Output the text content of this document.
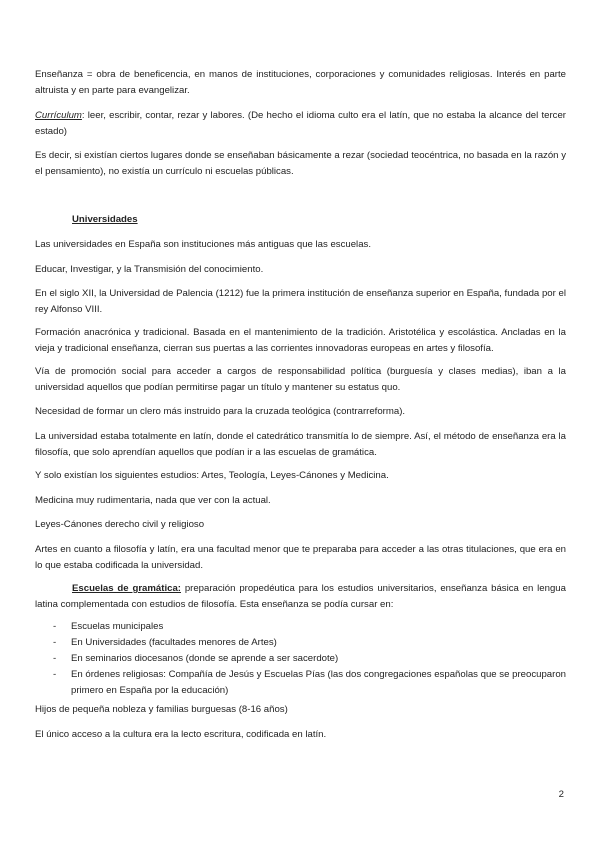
Enseñanza = obra de beneficencia, en manos de instituciones, corporaciones y comunidades religiosas. Interés en parte altruista y en parte para evangelizar.

Currículum: leer, escribir, contar, rezar y labores. (De hecho el idioma culto era el latín, que no estaba la alcance del tercer estado)

Es decir, si existían ciertos lugares donde se enseñaban básicamente a rezar (sociedad teocéntrica, no basada en la razón y el pensamiento), no existía un currículo ni escuelas públicas.

Universidades

Las universidades en España son instituciones más antiguas que las escuelas.

Educar, Investigar, y la Transmisión del conocimiento.

En el siglo XII, la Universidad de Palencia (1212) fue la primera institución de enseñanza superior en España, fundada por el rey Alfonso VIII.

Formación anacrónica y tradicional. Basada en el mantenimiento de la tradición. Aristotélica y escolástica. Ancladas en la vieja y tradicional enseñanza, cierran sus puertas a las corrientes innovadoras europeas en artes y filosofía.

Vía de promoción social para acceder a cargos de responsabilidad política (burguesía y clases medias), iban a la universidad aquellos que podían permitirse pagar un título y mantener su estatus quo.

Necesidad de formar un clero más instruido para la cruzada teológica (contrarreforma).

La universidad estaba totalmente en latín, donde el catedrático transmitía lo de siempre. Así, el método de enseñanza era la filosofía, que solo aprendían aquellos que podían ir a las escuelas de gramática.

Y solo existían los siguientes estudios: Artes, Teología, Leyes-Cánones y Medicina.

Medicina muy rudimentaria, nada que ver con la actual.

Leyes-Cánones derecho civil y religioso

Artes en cuanto a filosofía y latín, era una facultad menor que te preparaba para acceder a las otras titulaciones, que era en lo que estaba codificada la universidad.

Escuelas de gramática: preparación propedéutica para los estudios universitarios, enseñanza básica en lengua latina complementada con estudios de filosofía. Esta enseñanza se podía cursar en:

- Escuelas municipales
- En Universidades (facultades menores de Artes)
- En seminarios diocesanos (donde se aprende a ser sacerdote)
- En órdenes religiosas: Compañía de Jesús y Escuelas Pías (las dos congregaciones españolas que se preocuparon primero en España por la educación)

Hijos de pequeña nobleza y familias burguesas (8-16 años)

El único acceso a la cultura era la lecto escritura, codificada en latín.

2
